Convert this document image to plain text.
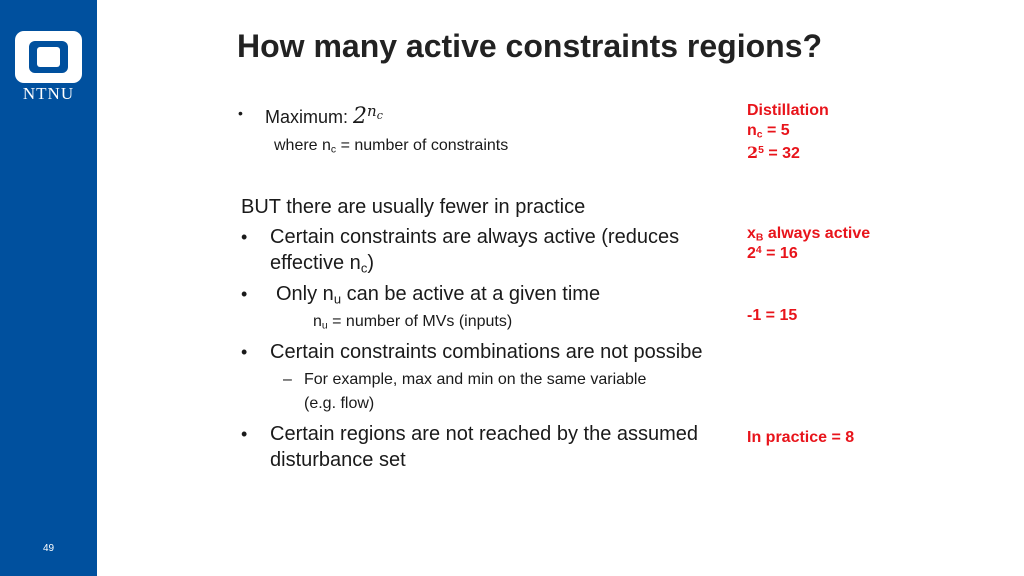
NTNU
49
How many active constraints regions?
• Maximum: $2^{n_c}$
where $n_c$ = number of constraints
BUT there are usually fewer in practice
• Certain constraints are always active (reduces
effective $n_c$)
• Only $n_u$ can be active at a given time
$n_u$ = number of MVs (inputs)
• Certain constraints combinations are not possibe
– For example, max and min on the same variable
(e.g. flow)
• Certain regions are not reached by the assumed
disturbance set
Distillation
$n_c = 5$
$2^5 = 32$
$x_B$ always active
$2^4 = 16$
-1 = 15
In practice = 8
